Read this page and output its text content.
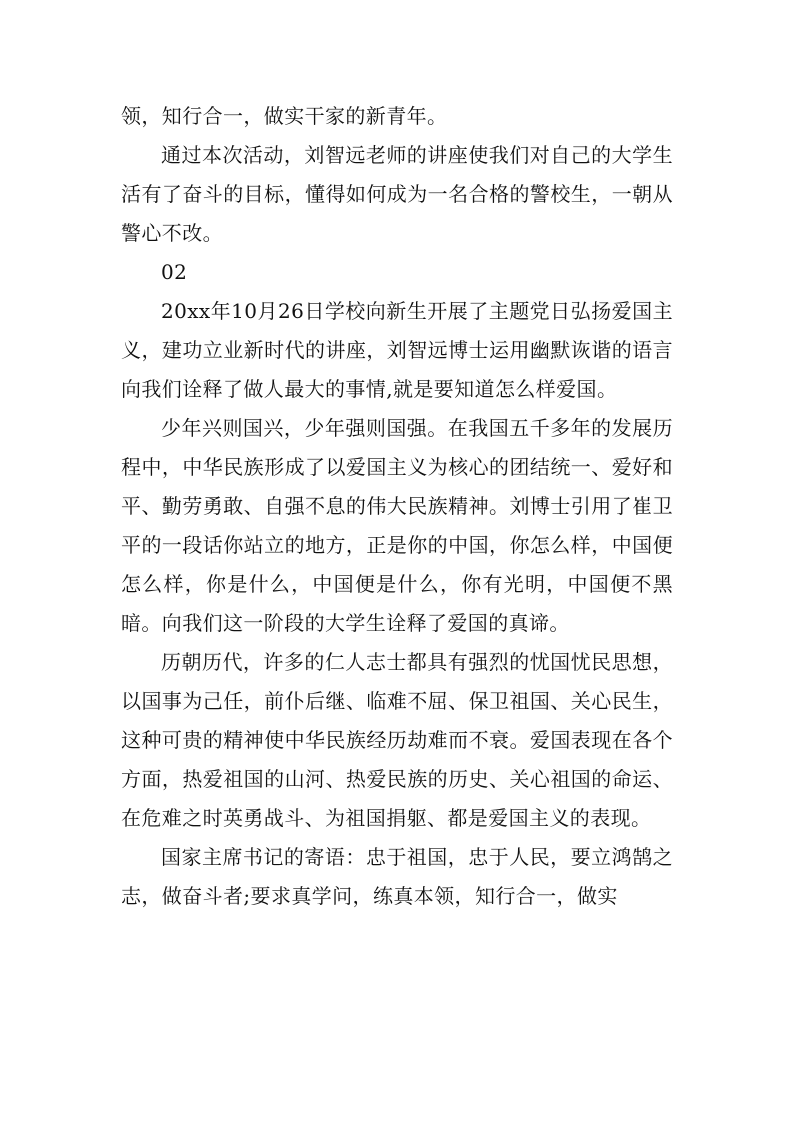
领，知行合一，做实干家的新青年。

通过本次活动，刘智远老师的讲座使我们对自己的大学生活有了奋斗的目标，懂得如何成为一名合格的警校生，一朝从警心不改。

02

20xx年10月26日学校向新生开展了主题党日弘扬爱国主义，建功立业新时代的讲座，刘智远博士运用幽默诙谐的语言向我们诠释了做人最大的事情,就是要知道怎么样爱国。

少年兴则国兴，少年强则国强。在我国五千多年的发展历程中，中华民族形成了以爱国主义为核心的团结统一、爱好和平、勤劳勇敢、自强不息的伟大民族精神。刘博士引用了崔卫平的一段话你站立的地方，正是你的中国，你怎么样，中国便怎么样，你是什么，中国便是什么，你有光明，中国便不黑暗。向我们这一阶段的大学生诠释了爱国的真谛。

历朝历代，许多的仁人志士都具有强烈的忧国忧民思想，以国事为己任，前仆后继、临难不屈、保卫祖国、关心民生，这种可贵的精神使中华民族经历劫难而不衰。爱国表现在各个方面，热爱祖国的山河、热爱民族的历史、关心祖国的命运、在危难之时英勇战斗、为祖国捐躯、都是爱国主义的表现。

国家主席书记的寄语：忠于祖国，忠于人民，要立鸿鹄之志，做奋斗者;要求真学问，练真本领，知行合一，做实
